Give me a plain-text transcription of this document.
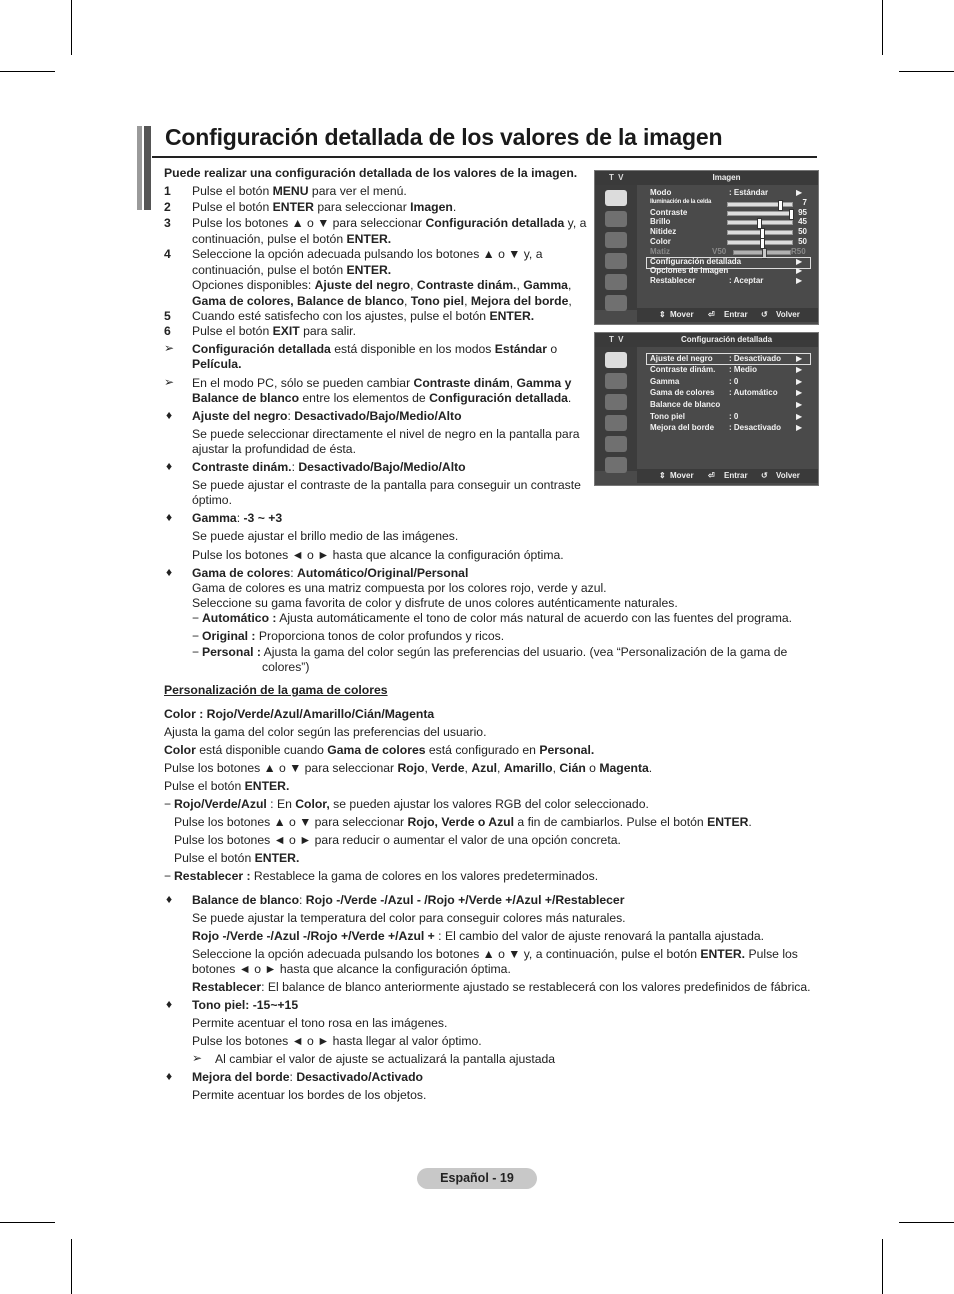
Configuración detallada de los valores de la imagen
Puede realizar una configuración detallada de los valores de la imagen.
1 Pulse el botón MENU para ver el menú.
2 Pulse el botón ENTER para seleccionar Imagen.
3 Pulse los botones ▲ o ▼ para seleccionar Configuración detallada y, a
continuación, pulse el botón ENTER.
4 Seleccione la opción adecuada pulsando los botones ▲ o ▼ y, a
continuación, pulse el botón ENTER.
Opciones disponibles: Ajuste del negro, Contraste dinám., Gamma,
Gama de colores, Balance de blanco, Tono piel, Mejora del borde,
5 Cuando esté satisfecho con los ajustes, pulse el botón ENTER.
6 Pulse el botón EXIT para salir.
➢ Configuración detallada está disponible en los modos Estándar o
Película.
➢ En el modo PC, sólo se pueden cambiar Contraste dinám, Gamma y
Balance de blanco entre los elementos de Configuración detallada.
♦ Ajuste del negro: Desactivado/Bajo/Medio/Alto
Se puede seleccionar directamente el nivel de negro en la pantalla para
ajustar la profundidad de ésta.
♦ Contraste dinám.: Desactivado/Bajo/Medio/Alto
Se puede ajustar el contraste de la pantalla para conseguir un contraste
óptimo.
♦ Gamma: -3 ~ +3
Se puede ajustar el brillo medio de las imágenes.
Pulse los botones ◄ o ► hasta que alcance la configuración óptima.
♦ Gama de colores: Automático/Original/Personal
Gama de colores es una matriz compuesta por los colores rojo, verde y azul.
Seleccione su gama favorita de color y disfrute de unos colores auténticamente naturales.
− Automático : Ajusta automáticamente el tono de color más natural de acuerdo con las fuentes del programa.
− Original : Proporciona tonos de color profundos y ricos.
− Personal : Ajusta la gama del color según las preferencias del usuario. (vea “Personalización de la gama de
colores”)
Personalización de la gama de colores
Color : Rojo/Verde/Azul/Amarillo/Cián/Magenta
Ajusta la gama del color según las preferencias del usuario.
Color está disponible cuando Gama de colores está configurado en Personal.
Pulse los botones ▲ o ▼ para seleccionar Rojo, Verde, Azul, Amarillo, Cián o Magenta.
Pulse el botón ENTER.
− Rojo/Verde/Azul : En Color, se pueden ajustar los valores RGB del color seleccionado.
Pulse los botones ▲ o ▼ para seleccionar Rojo, Verde o Azul a fin de cambiarlos. Pulse el botón ENTER.
Pulse los botones ◄ o ► para reducir o aumentar el valor de una opción concreta.
Pulse el botón ENTER.
− Restablecer : Restablece la gama de colores en los valores predeterminados.
♦ Balance de blanco: Rojo -/Verde -/Azul - /Rojo +/Verde +/Azul +/Restablecer
Se puede ajustar la temperatura del color para conseguir colores más naturales.
Rojo -/Verde -/Azul -/Rojo +/Verde +/Azul + : El cambio del valor de ajuste renovará la pantalla ajustada.
Seleccione la opción adecuada pulsando los botones ▲ o ▼ y, a continuación, pulse el botón ENTER. Pulse los
botones ◄ o ► hasta que alcance la configuración óptima.
Restablecer: El balance de blanco anteriormente ajustado se restablecerá con los valores predefinidos de fábrica.
♦ Tono piel: -15~+15
Permite acentuar el tono rosa en las imágenes.
Pulse los botones ◄ o ► hasta llegar al valor óptimo.
➢ Al cambiar el valor de ajuste se actualizará la pantalla ajustada
♦ Mejora del borde: Desactivado/Activado
Permite acentuar los bordes de los objetos.
T V	Imagen
Modo	: Estándar	▶
Iluminación de la celda	7
Contraste	95
Brillo	45
Nitidez	50
Color	50
Matiz	V50	R50
Configuración detallada	▶
Opciones de imagen	▶
Restablecer	: Aceptar	▶
⇕ Mover ⏎ Entrar ↺ Volver
T V	Configuración detallada
Ajuste del negro : Desactivado ▶
Contraste dinám. : Medio	▶
Gamma	: 0	▶
Gama de colores : Automático ▶
Balance de blanco	▶
Tono piel	: 0	▶
Mejora del borde : Desactivado ▶
⇕ Mover ⏎ Entrar ↺ Volver
Español - 19
